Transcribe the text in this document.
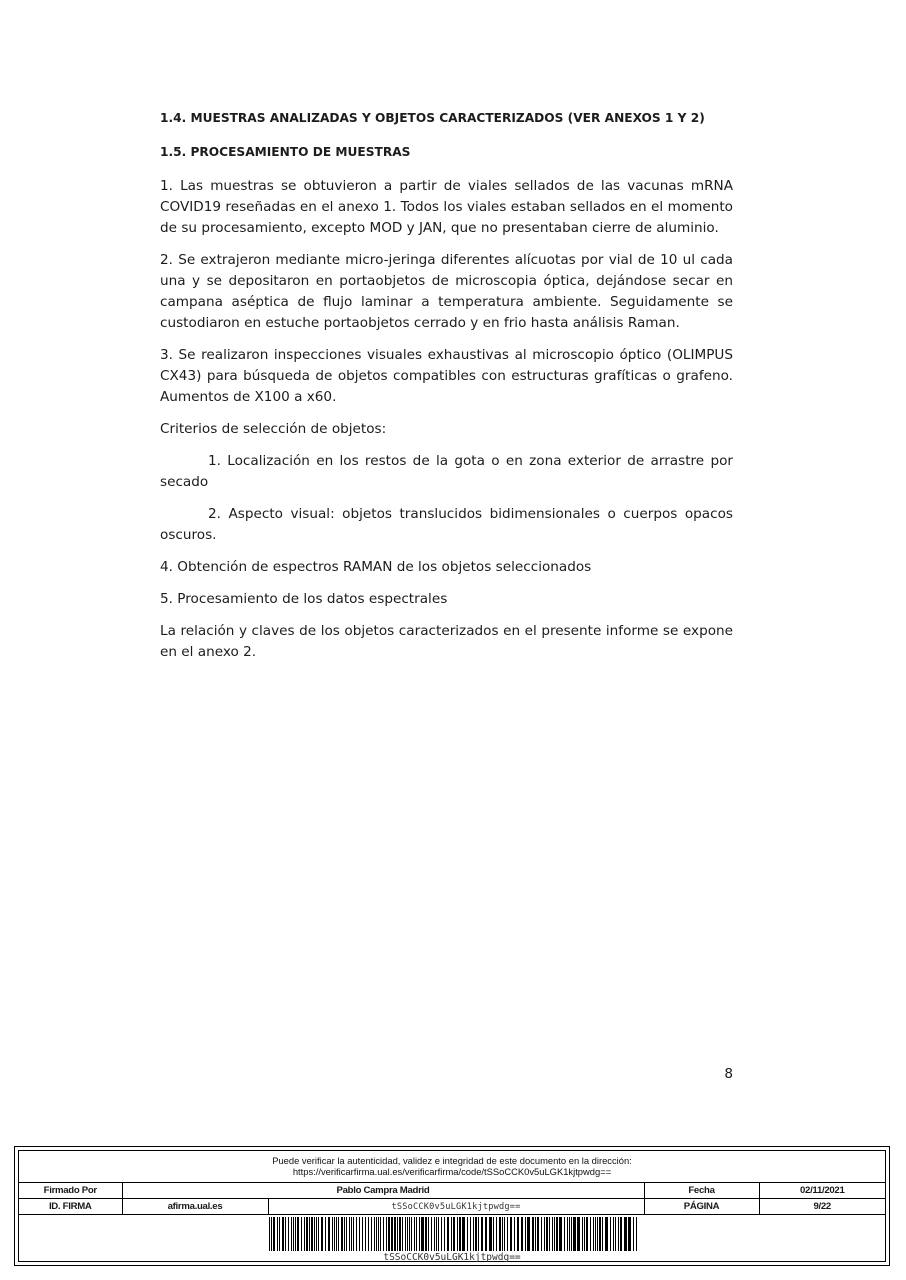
1.4. MUESTRAS ANALIZADAS Y OBJETOS CARACTERIZADOS (VER ANEXOS 1 Y 2)
1.5. PROCESAMIENTO DE MUESTRAS

1. Las muestras se obtuvieron a partir de viales sellados de las vacunas mRNA COVID19 reseñadas en el anexo 1. Todos los viales estaban sellados en el momento de su procesamiento, excepto MOD y JAN, que no presentaban cierre de aluminio.

2. Se extrajeron mediante micro-jeringa diferentes alícuotas por vial de 10 ul cada una y se depositaron en portaobjetos de microscopia óptica, dejándose secar en campana aséptica de flujo laminar a temperatura ambiente. Seguidamente se custodiaron en estuche portaobjetos cerrado y en frio hasta análisis Raman.

3. Se realizaron inspecciones visuales exhaustivas al microscopio óptico (OLIMPUS CX43) para búsqueda de objetos compatibles con estructuras grafíticas o grafeno. Aumentos de X100 a x60.

Criterios de selección de objetos:

1. Localización en los restos de la gota o en zona exterior de arrastre por secado

2. Aspecto visual: objetos translucidos bidimensionales o cuerpos opacos oscuros.

4. Obtención de espectros RAMAN de los objetos seleccionados

5. Procesamiento de los datos espectrales

La relación y claves de los objetos caracterizados en el presente informe se expone en el anexo 2.

8
Puede verificar la autenticidad, validez e integridad de este documento en la dirección:
https://verificarfirma.ual.es/verificarfirma/code/tSSoCCK0v5uLGK1kjtpwdg==
Firmado Por	Pablo Campra Madrid		Fecha	02/11/2021
ID. FIRMA	afirma.ual.es	tSSoCCK0v5uLGK1kjtpwdg==	PÁGINA	9/22
tSSoCCK0v5uLGK1kjtpwdg==
